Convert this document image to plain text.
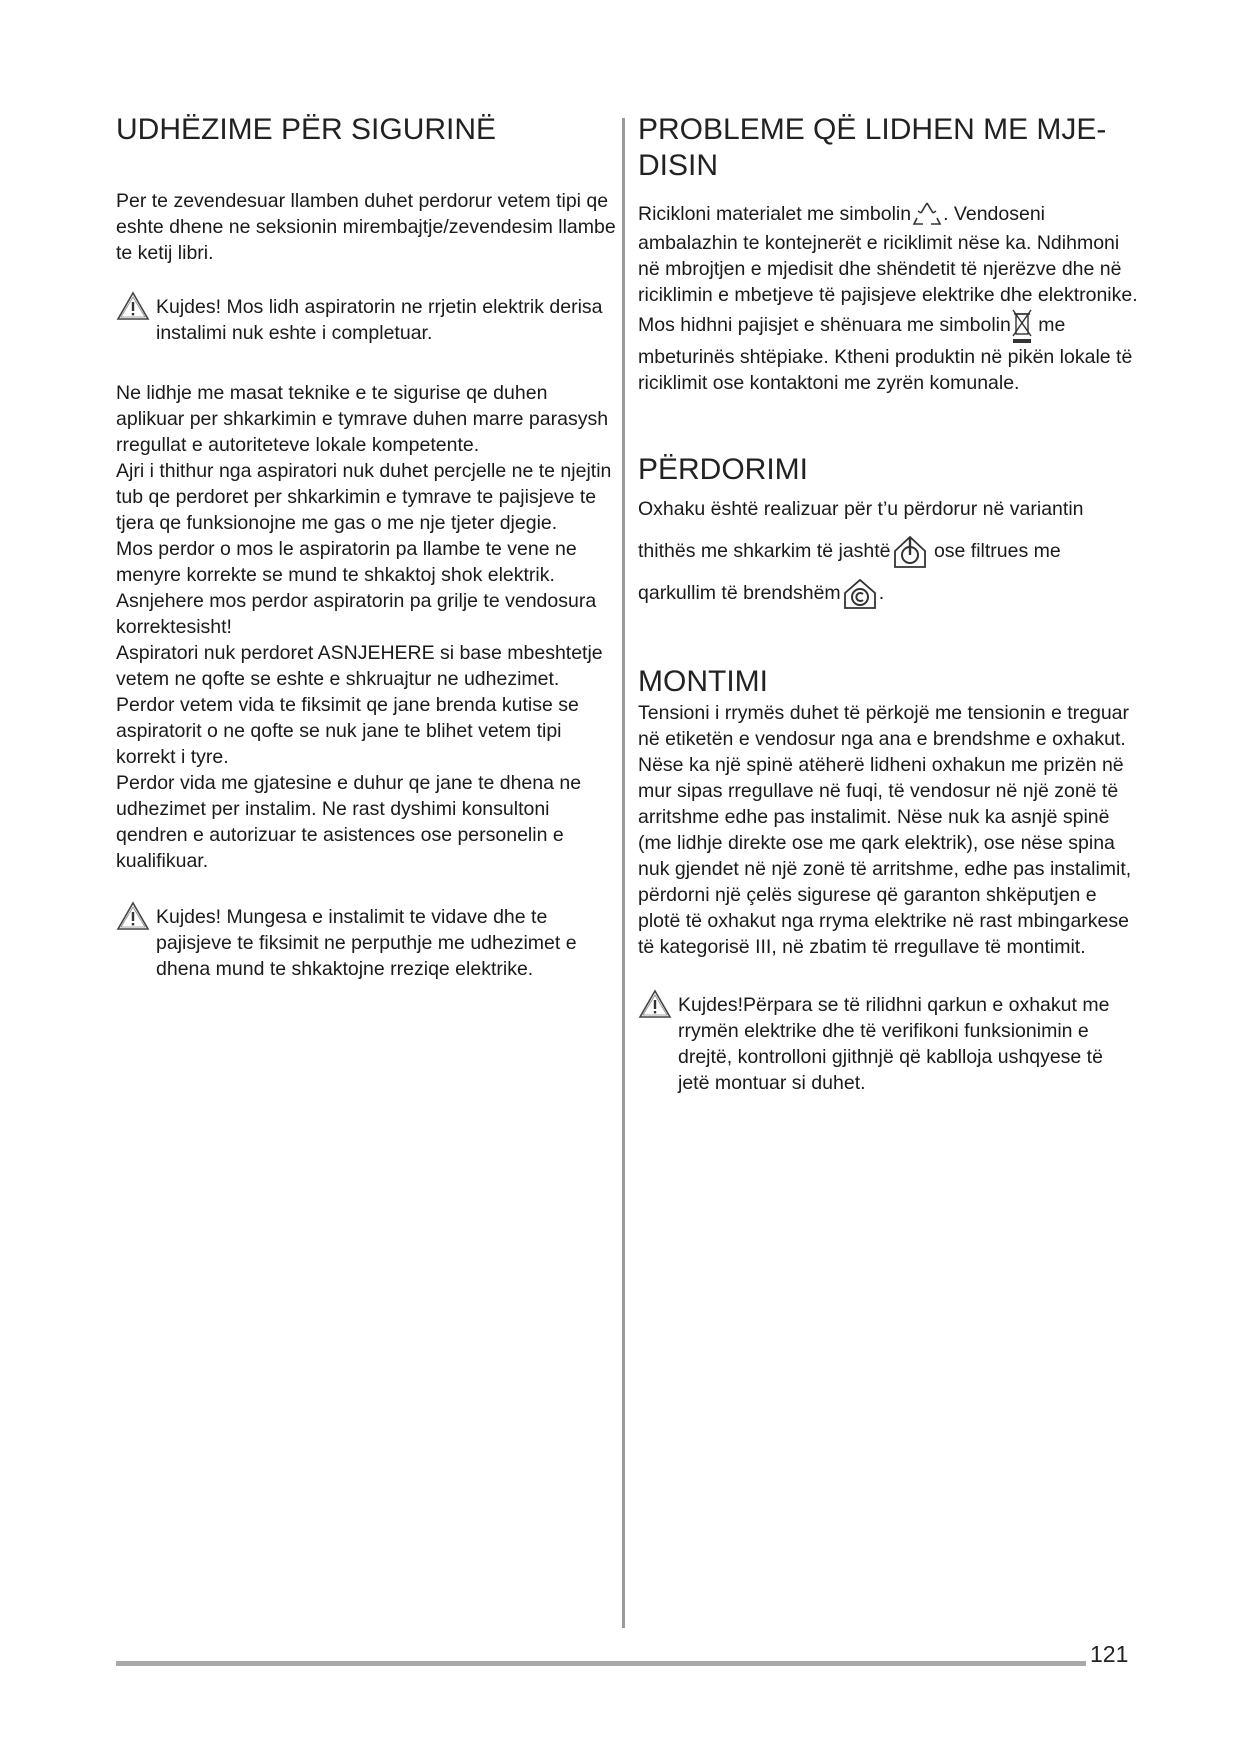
UDHËZIME PËR SIGURINË

Per te zevendesuar llamben duhet perdorur vetem tipi qe eshte dhene ne seksionin mirembajtje/zevendesim llambe te ketij libri.

Kujdes! Mos lidh aspiratorin ne rrjetin elektrik derisa instalimi nuk eshte i completuar.

Ne lidhje me masat teknike e te sigurise qe duhen aplikuar per shkarkimin e tymrave duhen marre parasysh rregullat e autoriteteve lokale kompetente.

Ajri i thithur nga aspiratori nuk duhet percjelle ne te njejtin tub qe perdoret per shkarkimin e tymrave te pajisjeve te tjera qe funksionojne me gas o me nje tjeter djegie.

Mos perdor o mos le aspiratorin pa llambe te vene ne menyre korrekte se mund te shkaktoj shok elektrik.

Asnjehere mos perdor aspiratorin pa grilje te vendosura korrektesisht!

Aspiratori nuk perdoret ASNJEHERE si base mbeshtetje vetem ne qofte se eshte e shkruajtur ne udhezimet.

Perdor vetem vida te fiksimit qe jane brenda kutise se aspiratorit o ne qofte se nuk jane te blihet vetem tipi korrekt i tyre.

Perdor vida me gjatesine e duhur qe jane te dhena ne udhezimet per instalim. Ne rast dyshimi konsultoni qendren e autorizuar te asistences ose personelin e kualifikuar.

Kujdes! Mungesa e instalimit te vidave dhe te pajisjeve te fiksimit ne perputhje me udhezimet e dhena mund te shkaktojne rreziqe elektrike.
PROBLEME QË LIDHEN ME MJE-DISIN

Ricikloni materialet me simbolin . Vendoseni ambalazhin te kontejnerët e riciklimit nëse ka. Ndihmoni në mbrojtjen e mjedisit dhe shëndetit të njerëzve dhe në riciklimin e mbetjeve të pajisjeve elektrike dhe elektronike. Mos hidhni pajisjet e shënuara me simbolin me mbeturinës shtëpiake. Ktheni produktin në pikën lokale të riciklimit ose kontaktoni me zyrën komunale.

PËRDORIMI

Oxhaku është realizuar për t’u përdorur në variantin thithës me shkarkim të jashtë ose filtrues me qarkullim të brendshëm .

MONTIMI

Tensioni i rrymës duhet të përkojë me tensionin e treguar në etiketën e vendosur nga ana e brendshme e oxhakut. Nëse ka një spinë atëherë lidheni oxhakun me prizën në mur sipas rregullave në fuqi, të vendosur në një zonë të arritshme edhe pas instalimit. Nëse nuk ka asnjë spinë (me lidhje direkte ose me qark elektrik), ose nëse spina nuk gjendet në një zonë të arritshme, edhe pas instalimit, përdorni një çelës sigurese që garanton shkëputjen e plotë të oxhakut nga rryma elektrike në rast mbingarkese të kategorisë III, në zbatim të rregullave të montimit.

Kujdes!Përpara se të rilidhni qarkun e oxhakut me rrymën elektrike dhe të verifikoni funksionimin e drejtë, kontrolloni gjithnjë që kablloja ushqyese të jetë montuar si duhet.
121
